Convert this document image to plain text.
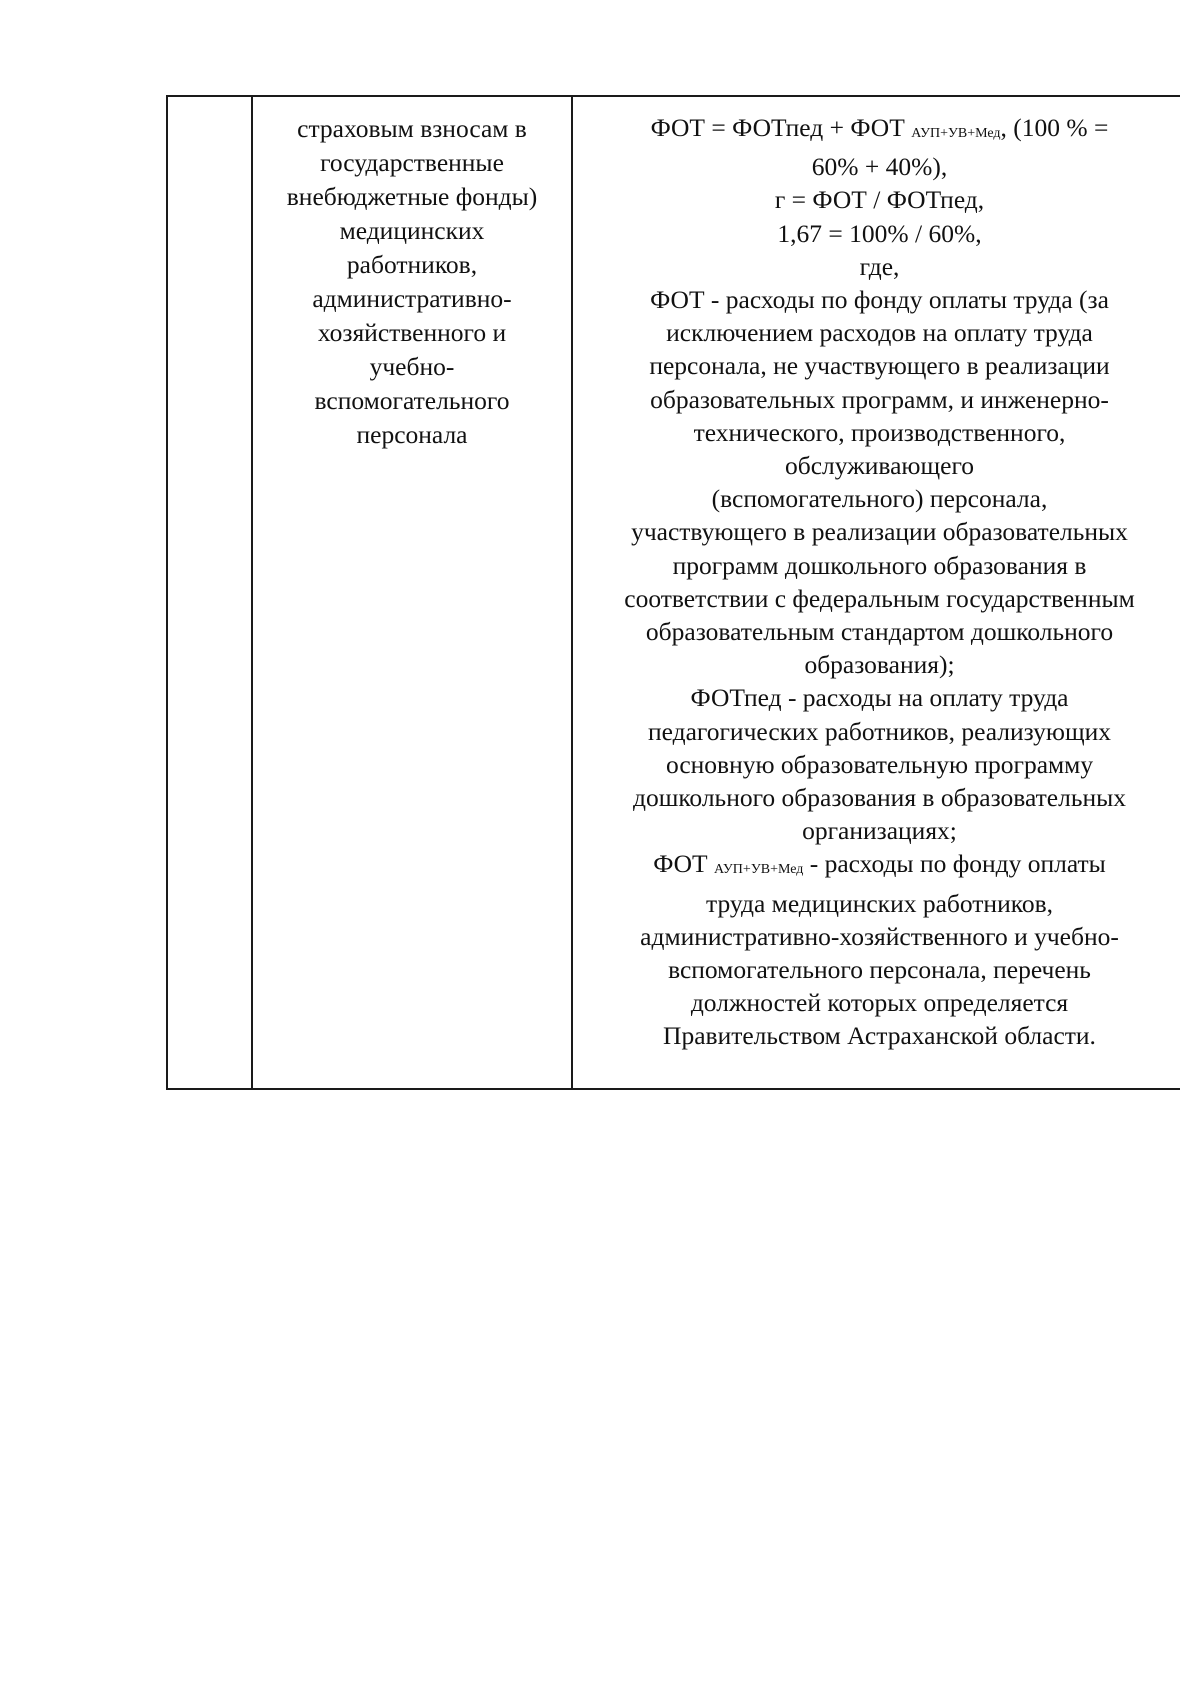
страховым взносам в
государственные
внебюджетные фонды)
медицинских
работников,
административно-
хозяйственного и
учебно-
вспомогательного
персонала
ФОТ = ФОТпед + ФОТ $_{АУП+УВ+Мед}$, (100 % =
60% + 40%),
г = ФОТ / ФОТпед,
1,67 = 100% / 60%,
где,
ФОТ - расходы по фонду оплаты труда (за
исключением расходов на оплату труда
персонала, не участвующего в реализации
образовательных программ, и инженерно-
технического, производственного,
обслуживающего
(вспомогательного) персонала,
участвующего в реализации образовательных
программ дошкольного образования в
соответствии с федеральным государственным
образовательным стандартом дошкольного
образования);
ФОТпед - расходы на оплату труда
педагогических работников, реализующих
основную образовательную программу
дошкольного образования в образовательных
организациях;
ФОТ $_{АУП+УВ+Мед}$ - расходы по фонду оплаты
труда медицинских работников,
административно-хозяйственного и учебно-
вспомогательного персонала, перечень
должностей которых определяется
Правительством Астраханской области.
